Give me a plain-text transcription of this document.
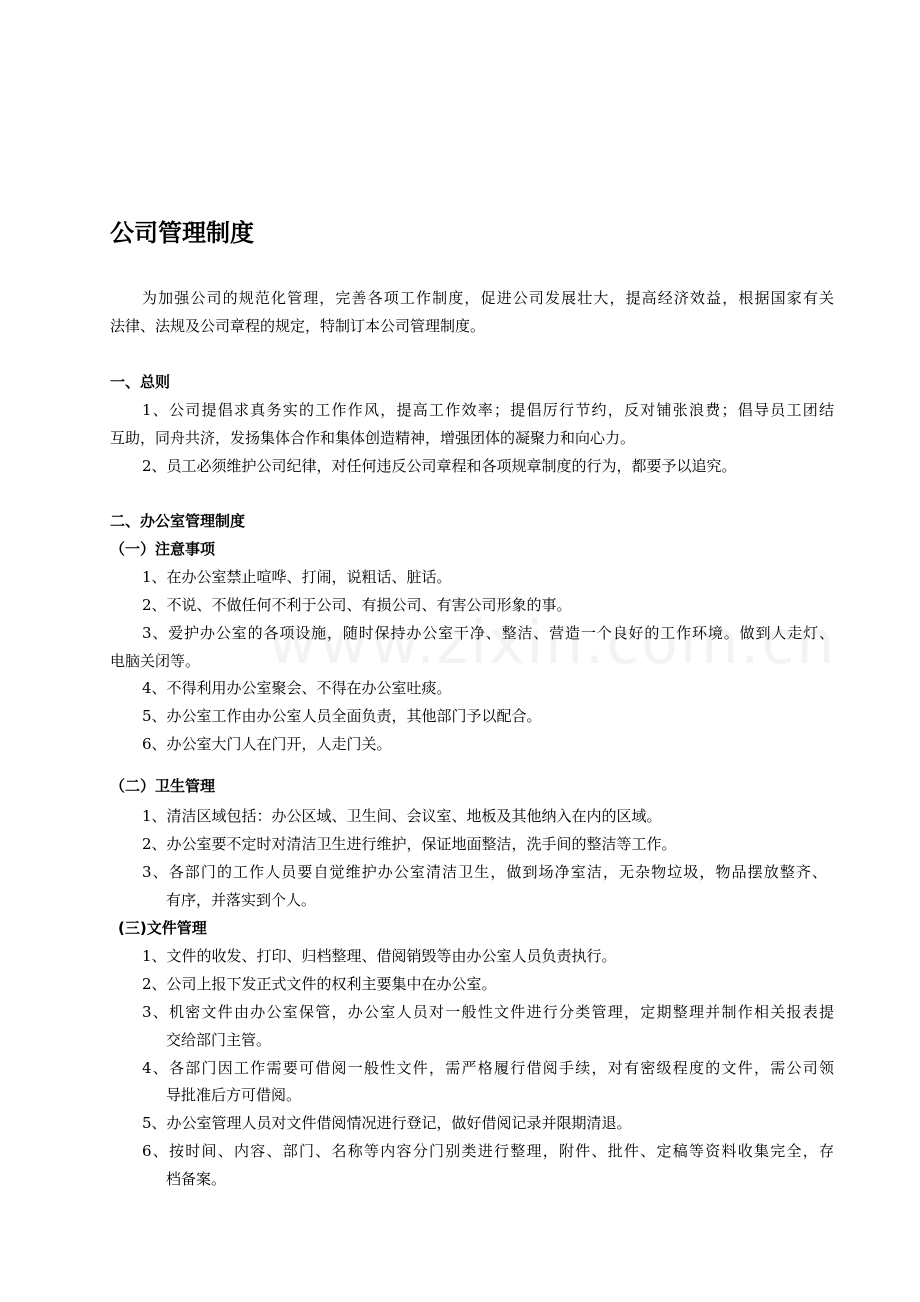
公司管理制度
为加强公司的规范化管理，完善各项工作制度，促进公司发展壮大，提高经济效益，根据国家有关
法律、法规及公司章程的规定，特制订本公司管理制度。
一、总则
1、公司提倡求真务实的工作作风，提高工作效率；提倡厉行节约，反对铺张浪费；倡导员工团结
互助，同舟共济，发扬集体合作和集体创造精神，增强团体的凝聚力和向心力。
2、员工必须维护公司纪律，对任何违反公司章程和各项规章制度的行为，都要予以追究。
二、办公室管理制度
（一）注意事项
1、在办公室禁止喧哗、打闹，说粗话、脏话。
2、不说、不做任何不利于公司、有损公司、有害公司形象的事。
3、爱护办公室的各项设施，随时保持办公室干净、整洁、营造一个良好的工作环境。做到人走灯、
电脑关闭等。
4、不得利用办公室聚会、不得在办公室吐痰。
5、办公室工作由办公室人员全面负责，其他部门予以配合。
6、办公室大门人在门开，人走门关。
（二）卫生管理
1、清洁区域包括：办公区域、卫生间、会议室、地板及其他纳入在内的区域。
2、办公室要不定时对清洁卫生进行维护，保证地面整洁，洗手间的整洁等工作。
3、各部门的工作人员要自觉维护办公室清洁卫生，做到场净室洁，无杂物垃圾，物品摆放整齐、
有序，并落实到个人。
(三)文件管理
1、文件的收发、打印、归档整理、借阅销毁等由办公室人员负责执行。
2、公司上报下发正式文件的权利主要集中在办公室。
3、机密文件由办公室保管，办公室人员对一般性文件进行分类管理，定期整理并制作相关报表提
交给部门主管。
4、各部门因工作需要可借阅一般性文件，需严格履行借阅手续，对有密级程度的文件，需公司领
导批准后方可借阅。
5、办公室管理人员对文件借阅情况进行登记，做好借阅记录并限期清退。
6、按时间、内容、部门、名称等内容分门别类进行整理，附件、批件、定稿等资料收集完全，存
档备案。
